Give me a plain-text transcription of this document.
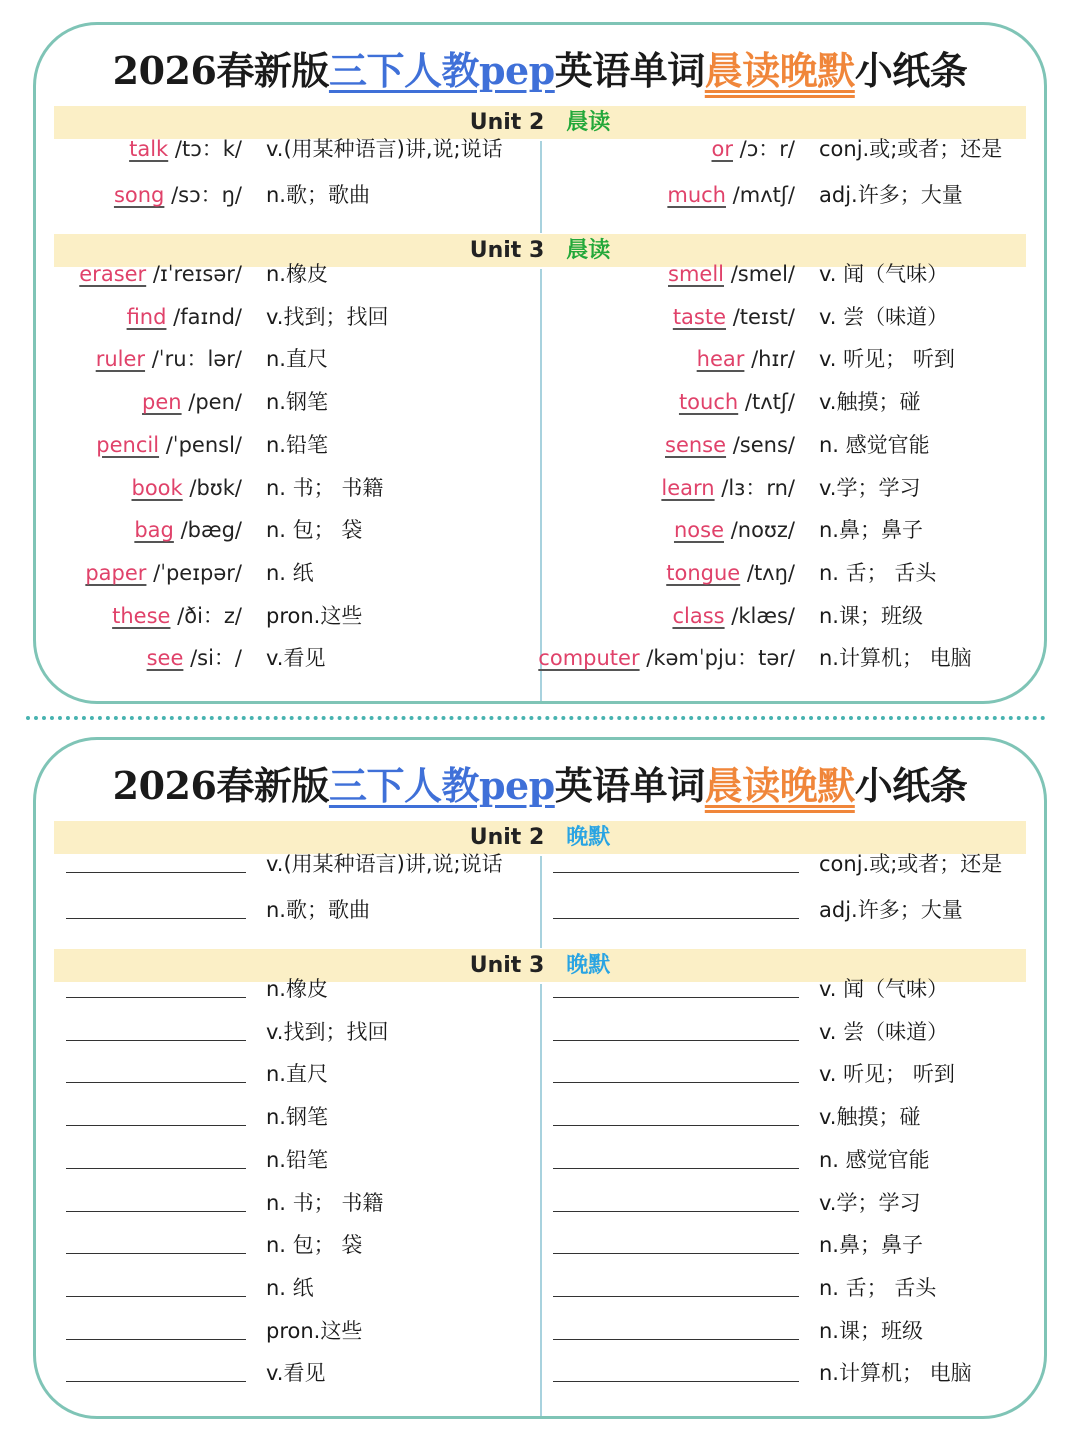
2026春新版三下人教pep英语单词晨读晚默小纸条
Unit 2 晨读
Unit 3 晨读
talk /tɔ：k/ v.(用某种语言)讲,说;说话
song /sɔ：ŋ/ n.歌；歌曲
or /ɔ：r/ conj.或;或者；还是
much /mʌtʃ/ adj.许多；大量
eraser /ɪˈreɪsər/ n.橡皮
find /faɪnd/ v.找到；找回
ruler /ˈru：lər/ n.直尺
pen /pen/ n.钢笔
pencil /ˈpensl/ n.铅笔
book /bʊk/ n. 书； 书籍
bag /bæg/ n. 包； 袋
paper /ˈpeɪpər/ n. 纸
these /ði：z/ pron.这些
see /si：/ v.看见
smell /smel/ v. 闻（气味）
taste /teɪst/ v. 尝（味道）
hear /hɪr/ v. 听见； 听到
touch /tʌtʃ/ v.触摸；碰
sense /sens/ n. 感觉官能
learn /lɜ：rn/ v.学；学习
nose /noʊz/ n.鼻；鼻子
tongue /tʌŋ/ n. 舌； 舌头
class /klæs/ n.课；班级
computer /kəmˈpju：tər/ n.计算机； 电脑
2026春新版三下人教pep英语单词晨读晚默小纸条
Unit 2 晚默
Unit 3 晚默
v.(用某种语言)讲,说;说话
n.歌；歌曲
conj.或;或者；还是
adj.许多；大量
n.橡皮
v.找到；找回
n.直尺
n.钢笔
n.铅笔
n. 书； 书籍
n. 包； 袋
n. 纸
pron.这些
v.看见
v. 闻（气味）
v. 尝（味道）
v. 听见； 听到
v.触摸；碰
n. 感觉官能
v.学；学习
n.鼻；鼻子
n. 舌； 舌头
n.课；班级
n.计算机； 电脑
